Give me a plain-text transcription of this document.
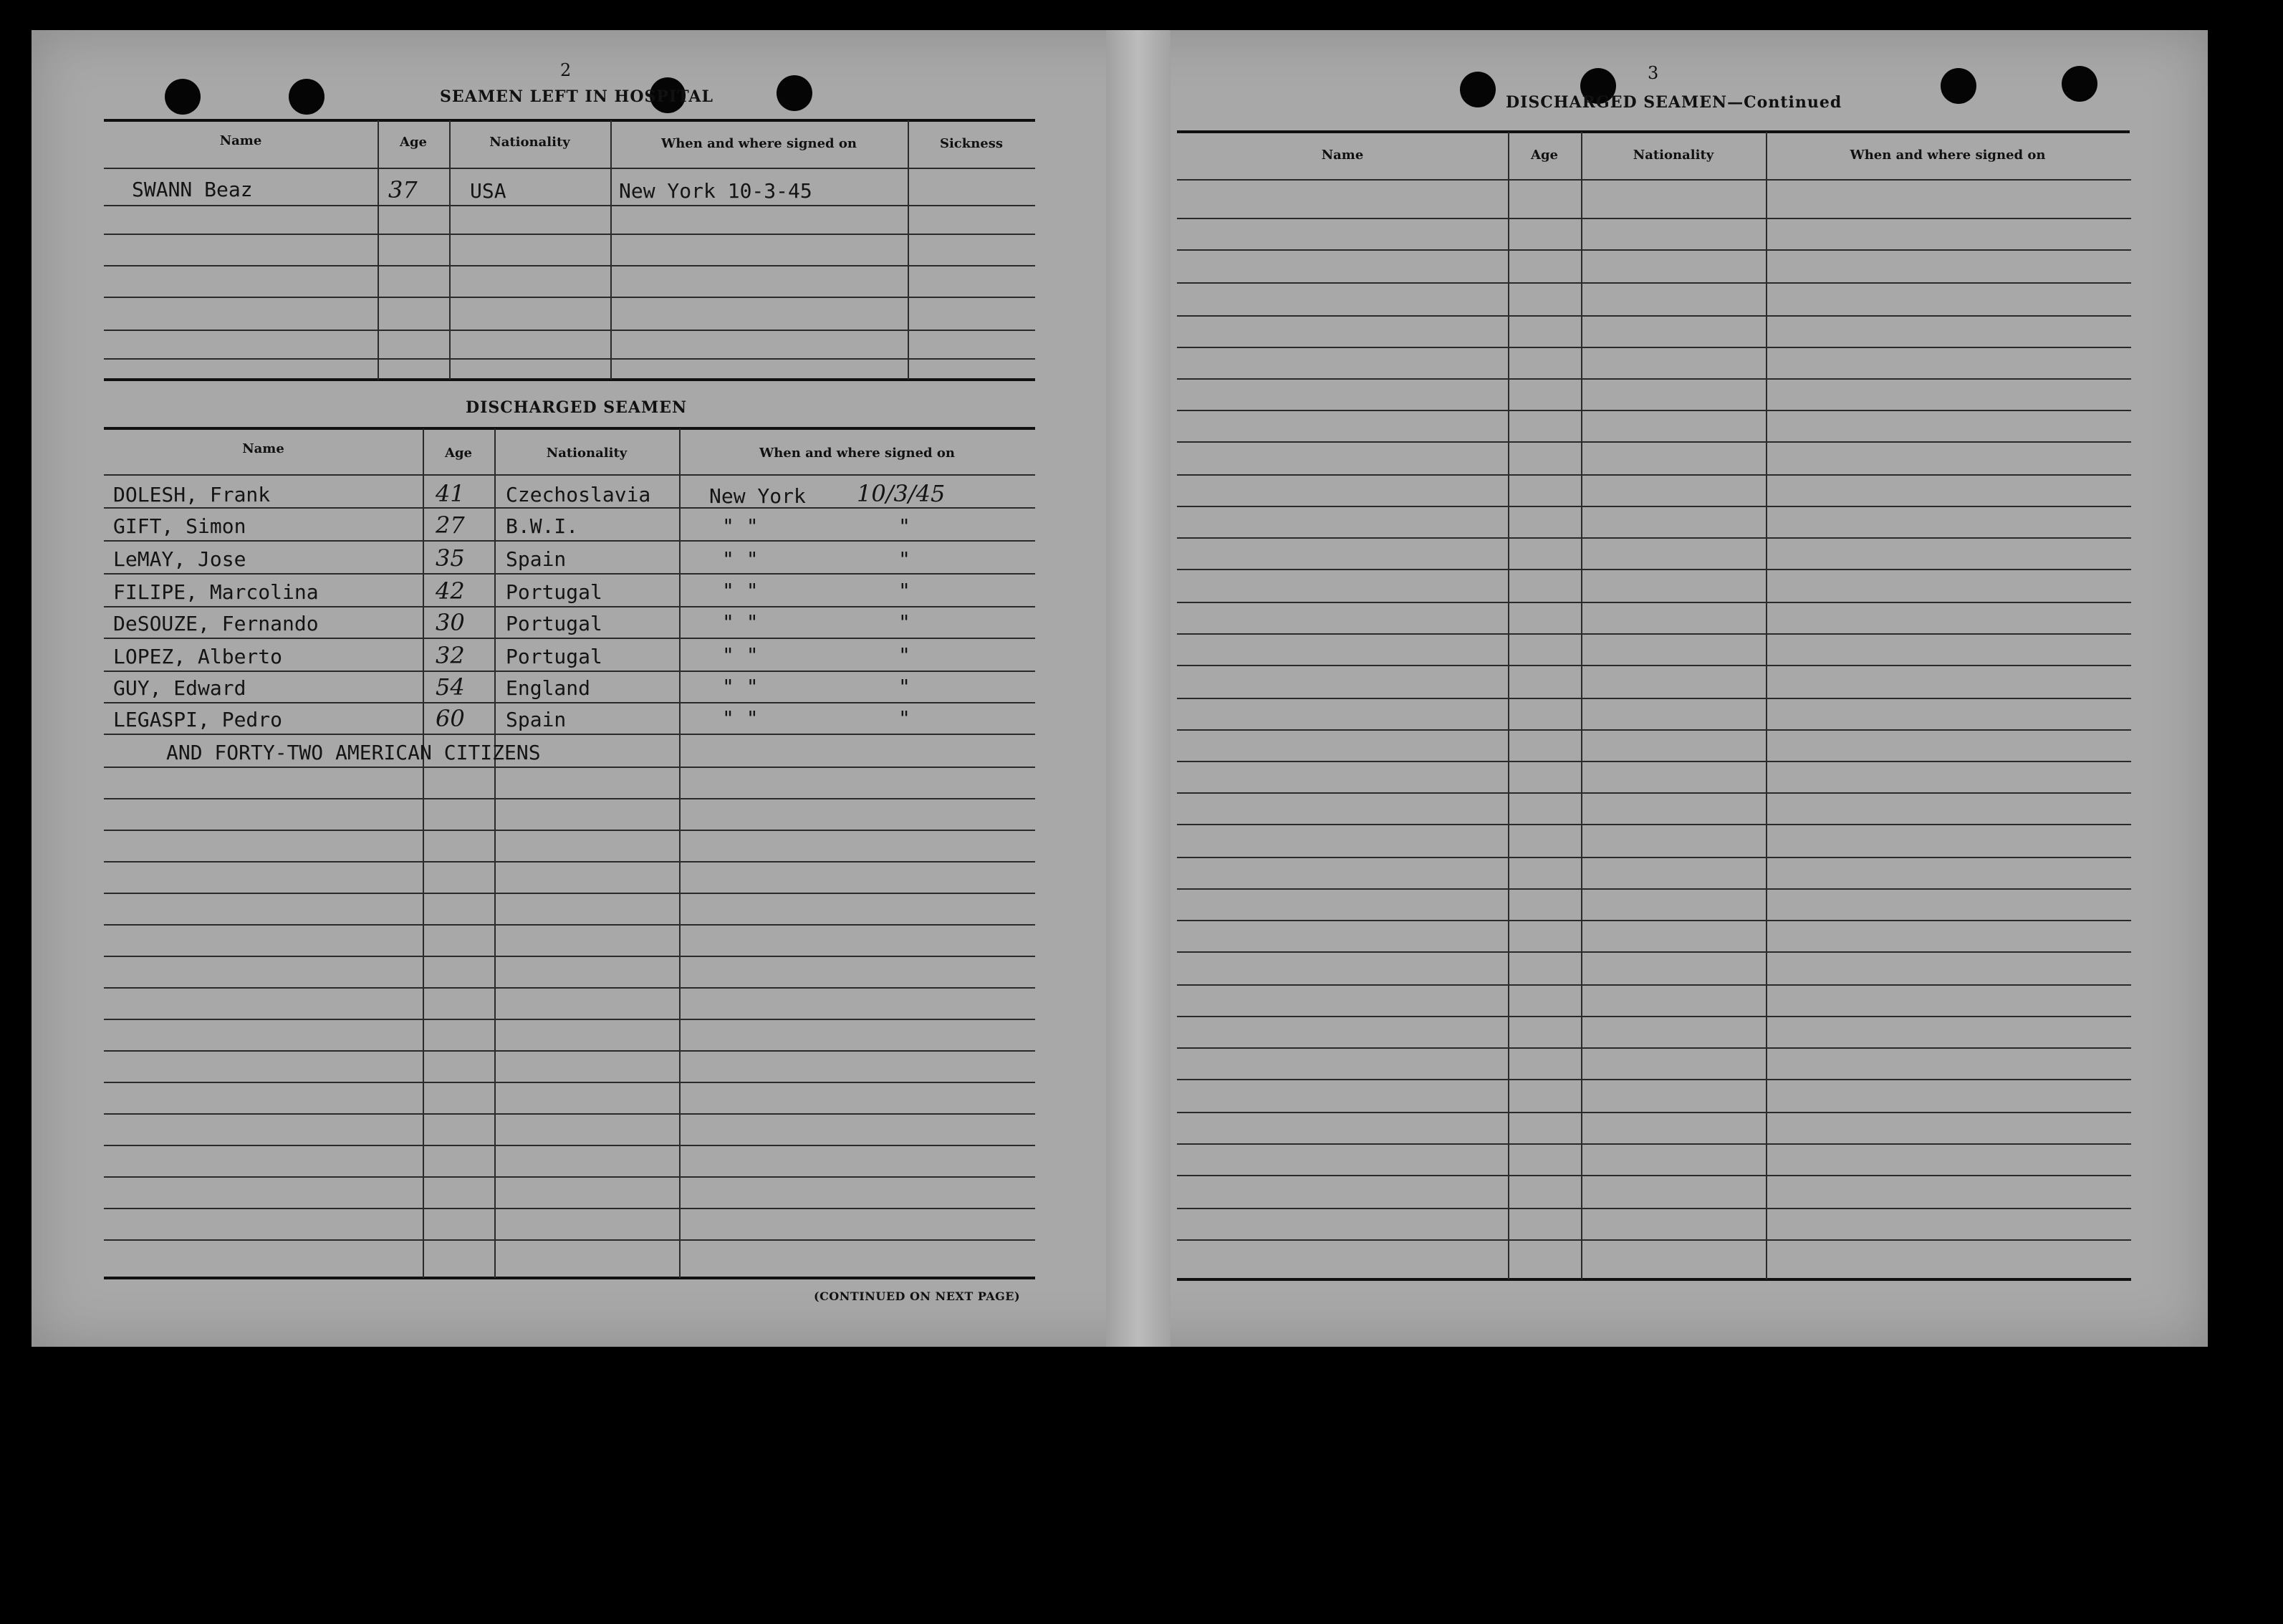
2
SEAMEN LEFT IN HOSPITAL
Name	Age	Nationality	When and where signed on	Sickness
SWANN Beaz	37	USA	New York 10-3-45
DISCHARGED SEAMEN
Name	Age	Nationality	When and where signed on
DOLESH, Frank	41 Czechoslavia	New York 10/3/45
GIFT, Simon	27 B.W.I.	" "	"
LeMAY, Jose	35 Spain	" "	"
FILIPE, Marcolina	42 Portugal	" "	"
DeSOUZE, Fernando	30 Portugal	" "	"
LOPEZ, Alberto	32 Portugal	" "	"
GUY, Edward	54 England	" "	"
LEGASPI, Pedro	60 Spain	" "	"
AND FORTY-TWO AMERICAN CITIZENS
(CONTINUED ON NEXT PAGE)
3
DISCHARGED SEAMEN—Continued
Name	Age	Nationality	When and where signed on
